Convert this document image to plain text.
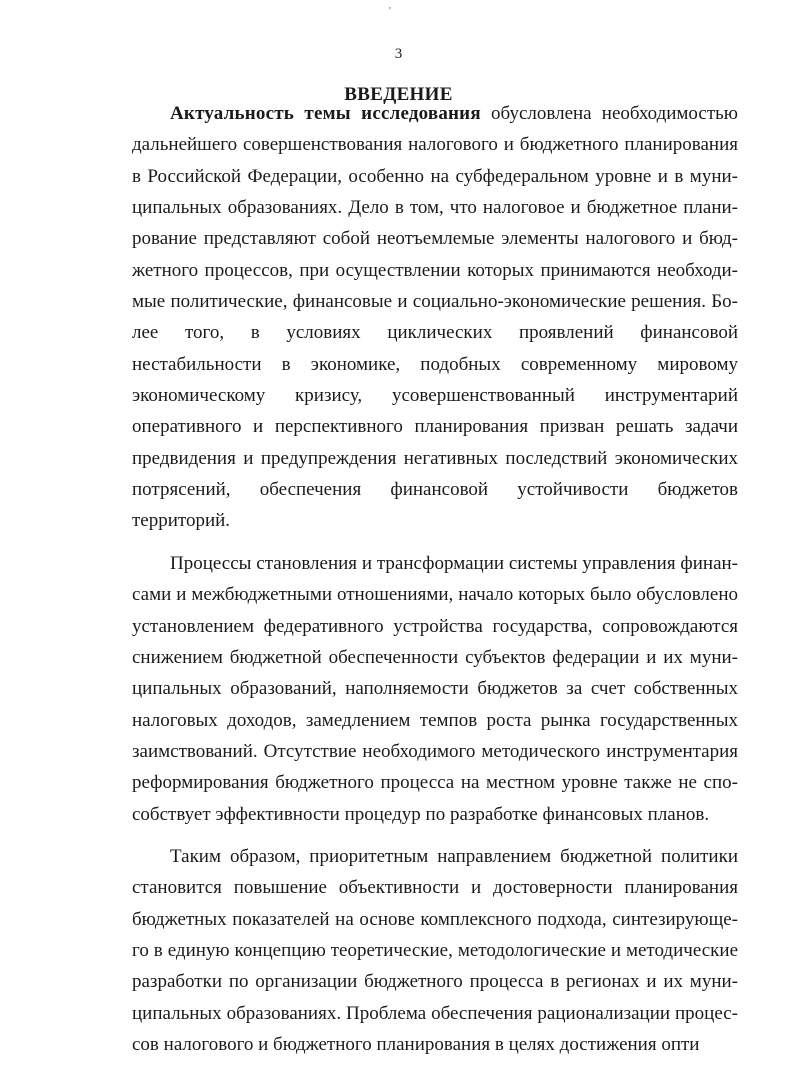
'
3
ВВЕДЕНИЕ

Актуальность темы исследования обусловлена необходимостью дальнейшего совершенствования налогового и бюджетного планирования в Российской Федерации, особенно на субфедеральном уровне и в муниципальных образованиях. Дело в том, что налоговое и бюджетное планирование представляют собой неотъемлемые элементы налогового и бюджетного процессов, при осуществлении которых принимаются необходимые политические, финансовые и социально-экономические решения. Более того, в условиях циклических проявлений финансовой нестабильности в экономике, подобных современному мировому экономическому кризису, усовершенствованный инструментарий оперативного и перспективного планирования призван решать задачи предвидения и предупреждения негативных последствий экономических потрясений, обеспечения финансовой устойчивости бюджетов территорий.

Процессы становления и трансформации системы управления финансами и межбюджетными отношениями, начало которых было обусловлено установлением федеративного устройства государства, сопровождаются снижением бюджетной обеспеченности субъектов федерации и их муниципальных образований, наполняемости бюджетов за счет собственных налоговых доходов, замедлением темпов роста рынка государственных заимствований. Отсутствие необходимого методического инструментария реформирования бюджетного процесса на местном уровне также не способствует эффективности процедур по разработке финансовых планов.

Таким образом, приоритетным направлением бюджетной политики становится повышение объективности и достоверности планирования бюджетных показателей на основе комплексного подхода, синтезирующего в единую концепцию теоретические, методологические и методические разработки по организации бюджетного процесса в регионах и их муниципальных образованиях. Проблема обеспечения рационализации процессов налогового и бюджетного планирования в целях достижения опти
